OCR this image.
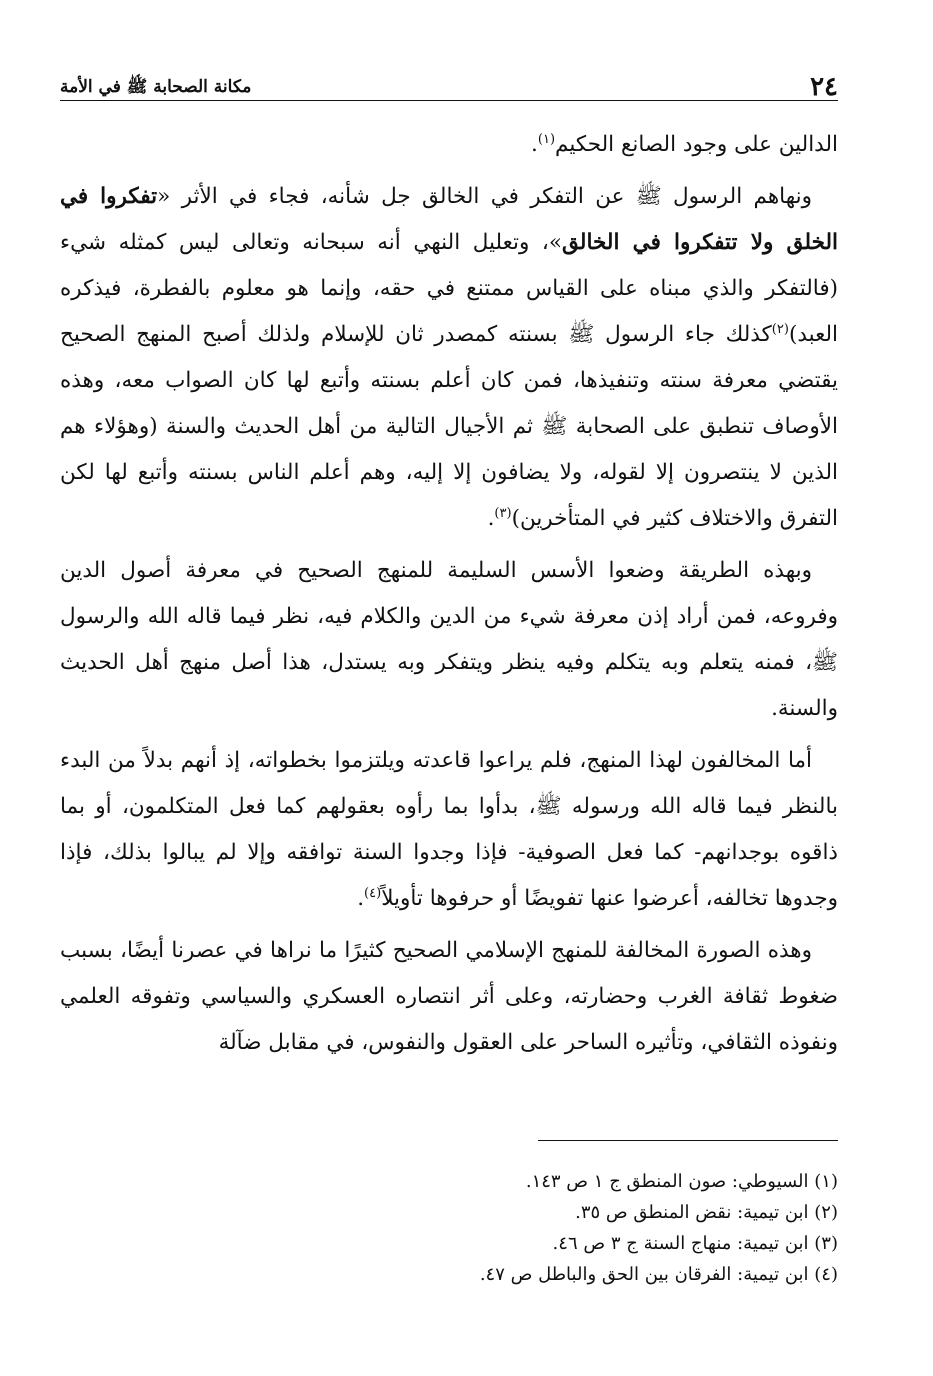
٢٤
مكانة الصحابة ﷺ في الأمة

الدالين على وجود الصانع الحكيم$^{(١)}$.

ونهاهم الرسول ﷺ عن التفكر في الخالق جل شأنه، فجاء في الأثر «تفكروا في الخلق ولا تتفكروا في الخالق»، وتعليل النهي أنه سبحانه وتعالى ليس كمثله شيء (فالتفكر والذي مبناه على القياس ممتنع في حقه، وإنما هو معلوم بالفطرة، فيذكره العبد)$^{(٢)}$كذلك جاء الرسول ﷺ بسنته كمصدر ثان للإسلام ولذلك أصبح المنهج الصحيح يقتضي معرفة سنته وتنفيذها، فمن كان أعلم بسنته وأتبع لها كان الصواب معه، وهذه الأوصاف تنطبق على الصحابة ﷺ ثم الأجيال التالية من أهل الحديث والسنة (وهؤلاء هم الذين لا ينتصرون إلا لقوله، ولا يضافون إلا إليه، وهم أعلم الناس بسنته وأتبع لها لكن التفرق والاختلاف كثير في المتأخرين)$^{(٣)}$.

وبهذه الطريقة وضعوا الأسس السليمة للمنهج الصحيح في معرفة أصول الدين وفروعه، فمن أراد إذن معرفة شيء من الدين والكلام فيه، نظر فيما قاله الله والرسول ﷺ، فمنه يتعلم وبه يتكلم وفيه ينظر ويتفكر وبه يستدل، هذا أصل منهج أهل الحديث والسنة.

أما المخالفون لهذا المنهج، فلم يراعوا قاعدته ويلتزموا بخطواته، إذ أنهم بدلاً من البدء بالنظر فيما قاله الله ورسوله ﷺ، بدأوا بما رأوه بعقولهم كما فعل المتكلمون، أو بما ذاقوه بوجدانهم- كما فعل الصوفية- فإذا وجدوا السنة توافقه وإلا لم يبالوا بذلك، فإذا وجدوها تخالفه، أعرضوا عنها تفويضًا أو حرفوها تأويلاً$^{(٤)}$.

وهذه الصورة المخالفة للمنهج الإسلامي الصحيح كثيرًا ما نراها في عصرنا أيضًا، بسبب ضغوط ثقافة الغرب وحضارته، وعلى أثر انتصاره العسكري والسياسي وتفوقه العلمي ونفوذه الثقافي، وتأثيره الساحر على العقول والنفوس، في مقابل ضآلة

(١) السيوطي: صون المنطق ج ١ ص ١٤٣.

(٢) ابن تيمية: نقض المنطق ص ٣٥.

(٣) ابن تيمية: منهاج السنة ج ٣ ص ٤٦.

(٤) ابن تيمية: الفرقان بين الحق والباطل ص ٤٧.
